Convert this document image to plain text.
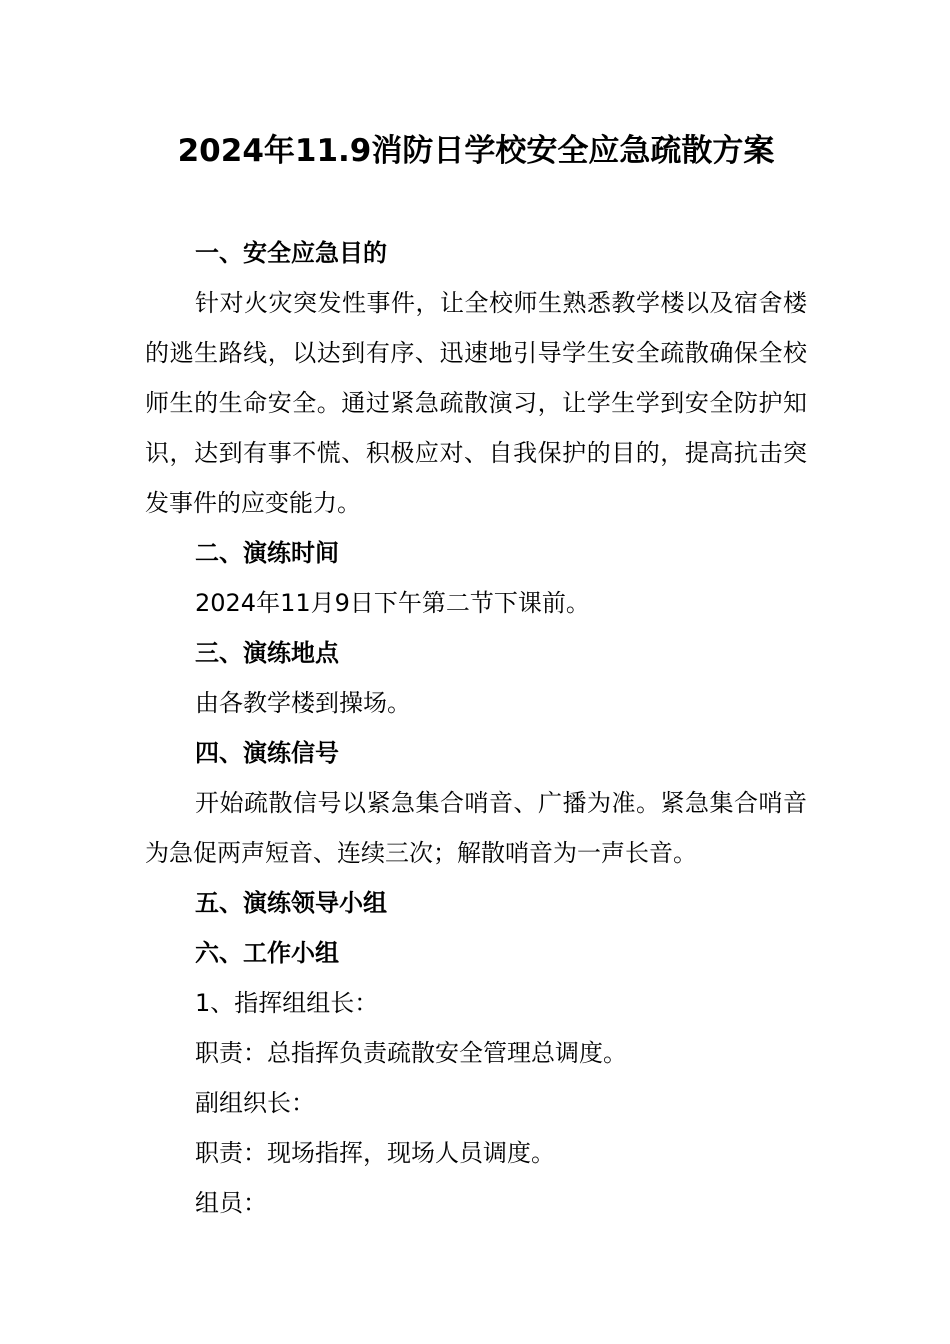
2024年11.9消防日学校安全应急疏散方案
一、安全应急目的

针对火灾突发性事件，让全校师生熟悉教学楼以及宿舍楼的逃生路线，以达到有序、迅速地引导学生安全疏散确保全校师生的生命安全。通过紧急疏散演习，让学生学到安全防护知识，达到有事不慌、积极应对、自我保护的目的，提高抗击突发事件的应变能力。

二、演练时间
2024年11月9日下午第二节下课前。
三、演练地点
由各教学楼到操场。
四、演练信号

开始疏散信号以紧急集合哨音、广播为准。紧急集合哨音为急促两声短音、连续三次；解散哨音为一声长音。

五、演练领导小组
六、工作小组
1、指挥组组长：
职责：总指挥负责疏散安全管理总调度。
副组织长：
职责：现场指挥，现场人员调度。
组员：
